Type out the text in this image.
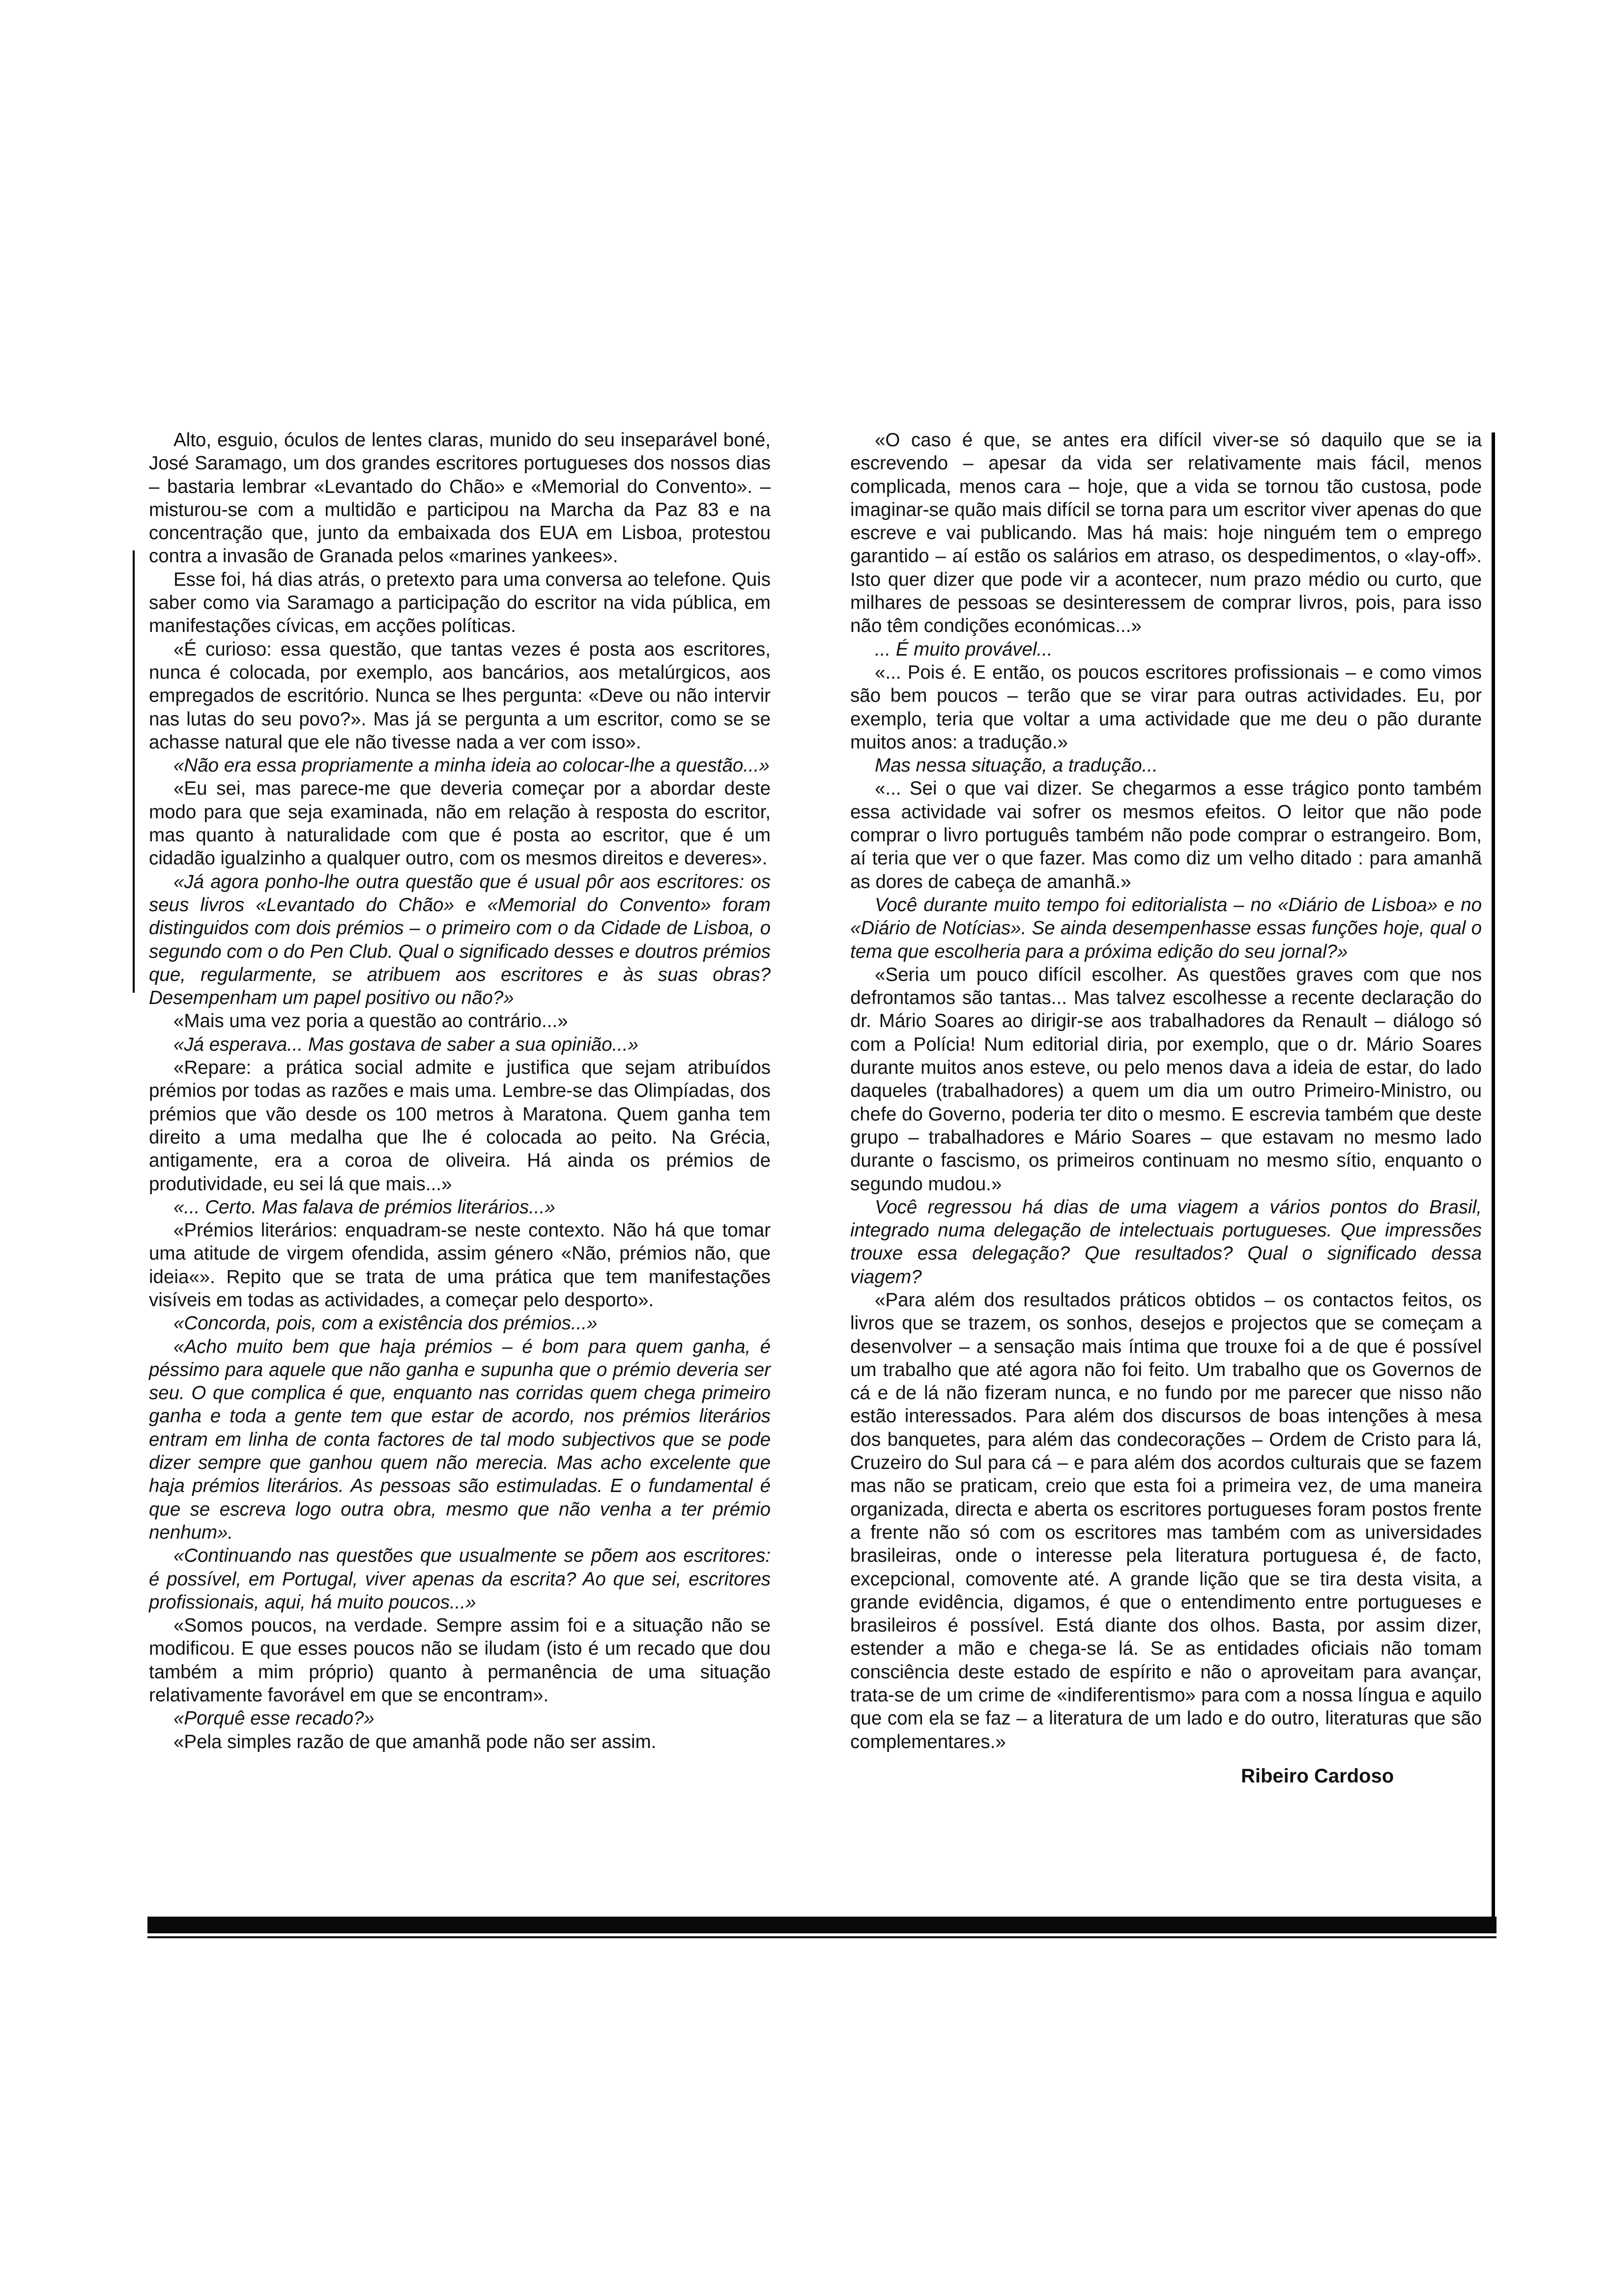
Alto, esguio, óculos de lentes claras, munido do seu inseparável boné, José Saramago, um dos grandes escritores portugueses dos nossos dias – bastaria lembrar «Levantado do Chão» e «Memorial do Convento». – misturou-se com a multidão e participou na Marcha da Paz 83 e na concentração que, junto da embaixada dos EUA em Lisboa, protestou contra a invasão de Granada pelos «marines yankees».

Esse foi, há dias atrás, o pretexto para uma conversa ao telefone. Quis saber como via Saramago a participação do escritor na vida pública, em manifestações cívicas, em acções políticas.

«É curioso: essa questão, que tantas vezes é posta aos escritores, nunca é colocada, por exemplo, aos bancários, aos metalúrgicos, aos empregados de escritório. Nunca se lhes pergunta: «Deve ou não intervir nas lutas do seu povo?». Mas já se pergunta a um escritor, como se se achasse natural que ele não tivesse nada a ver com isso».

«Não era essa propriamente a minha ideia ao colocar-lhe a questão...»

«Eu sei, mas parece-me que deveria começar por a abordar deste modo para que seja examinada, não em relação à resposta do escritor, mas quanto à naturalidade com que é posta ao escritor, que é um cidadão igualzinho a qualquer outro, com os mesmos direitos e deveres».

«Já agora ponho-lhe outra questão que é usual pôr aos escritores: os seus livros «Levantado do Chão» e «Memorial do Convento» foram distinguidos com dois prémios – o primeiro com o da Cidade de Lisboa, o segundo com o do Pen Club. Qual o significado desses e doutros prémios que, regularmente, se atribuem aos escritores e às suas obras? Desempenham um papel positivo ou não?»

«Mais uma vez poria a questão ao contrário...»

«Já esperava... Mas gostava de saber a sua opinião...»

«Repare: a prática social admite e justifica que sejam atribuídos prémios por todas as razões e mais uma. Lembre-se das Olimpíadas, dos prémios que vão desde os 100 metros à Maratona. Quem ganha tem direito a uma medalha que lhe é colocada ao peito. Na Grécia, antigamente, era a coroa de oliveira. Há ainda os prémios de produtividade, eu sei lá que mais...»

«... Certo. Mas falava de prémios literários...»

«Prémios literários: enquadram-se neste contexto. Não há que tomar uma atitude de virgem ofendida, assim género «Não, prémios não, que ideia«». Repito que se trata de uma prática que tem manifestações visíveis em todas as actividades, a começar pelo desporto».

«Concorda, pois, com a existência dos prémios...»

«Acho muito bem que haja prémios – é bom para quem ganha, é péssimo para aquele que não ganha e supunha que o prémio deveria ser seu. O que complica é que, enquanto nas corridas quem chega primeiro ganha e toda a gente tem que estar de acordo, nos prémios literários entram em linha de conta factores de tal modo subjectivos que se pode dizer sempre que ganhou quem não merecia. Mas acho excelente que haja prémios literários. As pessoas são estimuladas. E o fundamental é que se escreva logo outra obra, mesmo que não venha a ter prémio nenhum».

«Continuando nas questões que usualmente se põem aos escritores: é possível, em Portugal, viver apenas da escrita? Ao que sei, escritores profissionais, aqui, há muito poucos...»

«Somos poucos, na verdade. Sempre assim foi e a situação não se modificou. E que esses poucos não se iludam (isto é um recado que dou também a mim próprio) quanto à permanência de uma situação relativamente favorável em que se encontram».

«Porquê esse recado?»

«Pela simples razão de que amanhã pode não ser assim.

«O caso é que, se antes era difícil viver-se só daquilo que se ia escrevendo – apesar da vida ser relativamente mais fácil, menos complicada, menos cara – hoje, que a vida se tornou tão custosa, pode imaginar-se quão mais difícil se torna para um escritor viver apenas do que escreve e vai publicando. Mas há mais: hoje ninguém tem o emprego garantido – aí estão os salários em atraso, os despedimentos, o «lay-off». Isto quer dizer que pode vir a acontecer, num prazo médio ou curto, que milhares de pessoas se desinteressem de comprar livros, pois, para isso não têm condições económicas...»

... É muito provável...

«... Pois é. E então, os poucos escritores profissionais – e como vimos são bem poucos – terão que se virar para outras actividades. Eu, por exemplo, teria que voltar a uma actividade que me deu o pão durante muitos anos: a tradução.»

Mas nessa situação, a tradução...

«... Sei o que vai dizer. Se chegarmos a esse trágico ponto também essa actividade vai sofrer os mesmos efeitos. O leitor que não pode comprar o livro português também não pode comprar o estrangeiro. Bom, aí teria que ver o que fazer. Mas como diz um velho ditado : para amanhã as dores de cabeça de amanhã.»

Você durante muito tempo foi editorialista – no «Diário de Lisboa» e no «Diário de Notícias». Se ainda desempenhasse essas funções hoje, qual o tema que escolheria para a próxima edição do seu jornal?»

«Seria um pouco difícil escolher. As questões graves com que nos defrontamos são tantas... Mas talvez escolhesse a recente declaração do dr. Mário Soares ao dirigir-se aos trabalhadores da Renault – diálogo só com a Polícia! Num editorial diria, por exemplo, que o dr. Mário Soares durante muitos anos esteve, ou pelo menos dava a ideia de estar, do lado daqueles (trabalhadores) a quem um dia um outro Primeiro-Ministro, ou chefe do Governo, poderia ter dito o mesmo. E escrevia também que deste grupo – trabalhadores e Mário Soares – que estavam no mesmo lado durante o fascismo, os primeiros continuam no mesmo sítio, enquanto o segundo mudou.»

Você regressou há dias de uma viagem a vários pontos do Brasil, integrado numa delegação de intelectuais portugueses. Que impressões trouxe essa delegação? Que resultados? Qual o significado dessa viagem?

«Para além dos resultados práticos obtidos – os contactos feitos, os livros que se trazem, os sonhos, desejos e projectos que se começam a desenvolver – a sensação mais íntima que trouxe foi a de que é possível um trabalho que até agora não foi feito. Um trabalho que os Governos de cá e de lá não fizeram nunca, e no fundo por me parecer que nisso não estão interessados. Para além dos discursos de boas intenções à mesa dos banquetes, para além das condecorações – Ordem de Cristo para lá, Cruzeiro do Sul para cá – e para além dos acordos culturais que se fazem mas não se praticam, creio que esta foi a primeira vez, de uma maneira organizada, directa e aberta os escritores portugueses foram postos frente a frente não só com os escritores mas também com as universidades brasileiras, onde o interesse pela literatura portuguesa é, de facto, excepcional, comovente até. A grande lição que se tira desta visita, a grande evidência, digamos, é que o entendimento entre portugueses e brasileiros é possível. Está diante dos olhos. Basta, por assim dizer, estender a mão e chega-se lá. Se as entidades oficiais não tomam consciência deste estado de espírito e não o aproveitam para avançar, trata-se de um crime de «indiferentismo» para com a nossa língua e aquilo que com ela se faz – a literatura de um lado e do outro, literaturas que são complementares.»

Ribeiro Cardoso
